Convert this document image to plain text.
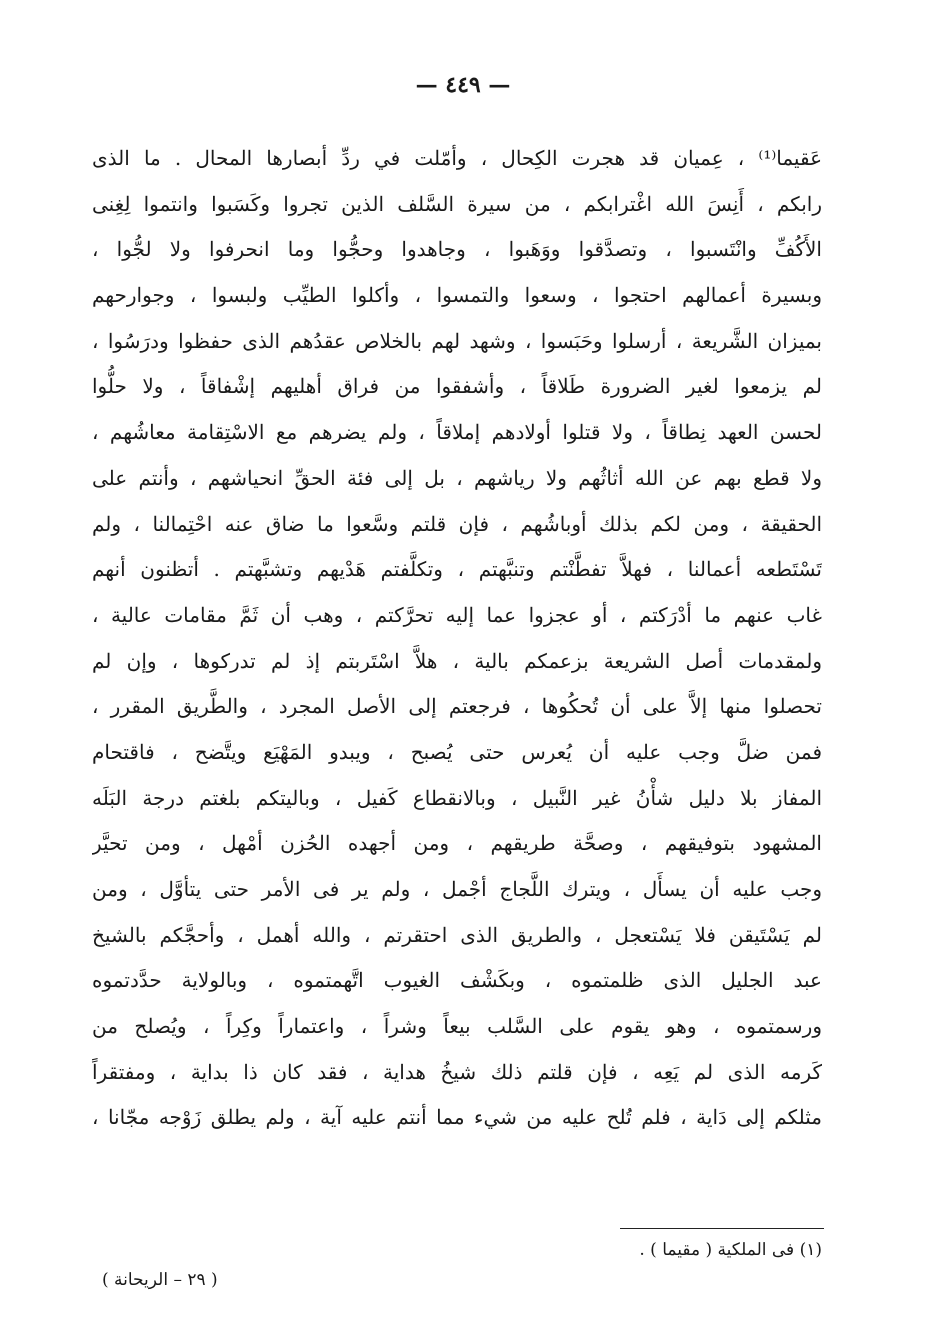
— ٤٤٩ —
عَقيما⁽¹⁾ ، عِميان قد هجرت الكِحال ، وأمّلت في ردِّ أبصارها المحال . ما الذى
رابكم ، أَنِسَ الله اغْترابكم ، من سيرة السَّلف الذين تجروا وكَسَبوا وانتموا لِغِنى
الأَكُفِّ وانْتَسبوا ، وتصدَّقوا ووَهَبوا ، وجاهدوا وحجُّوا وما انحرفوا ولا لجُّوا ،
وبسيرة أعمالهم احتجوا ، وسعوا والتمسوا ، وأكلوا الطيِّب ولبسوا ، وجوارحهم
بميزان الشَّريعة ، أرسلوا وحَبَسوا ، وشهد لهم بالخلاص عقدُهم الذى حفظوا ودرَسُوا ،
لم يزمعوا لغير الضرورة طَلاقاً ، وأشفقوا من فراق أهليهم إشْفاقاً ، ولا حلُّوا
لحسن العهد نِطاقاً ، ولا قتلوا أولادهم إملاقاً ، ولم يضرهم مع الاسْتِقامة معاشُهم ،
ولا قطع بهم عن الله أثاثُهم ولا رياشهم ، بل إلى فئة الحقِّ انحياشهم ، وأنتم على
الحقيقة ، ومن لكم بذلك أوباشُهم ، فإن قلتم وسَّعوا ما ضاق عنه احْتِمالنا ، ولم
تَسْتَطعه أعمالنا ، فهلاَّ تفطَّنْتم وتنبَّهتم ، وتكلَّفتم هَدْيهم وتشبَّهتم . أتظنون أنهم
غاب عنهم ما أدْرَكتم ، أو عجزوا عما إليه تحرَّكتم ، وهب أن ثَمَّ مقامات عالية ،
ولمقدمات أصل الشريعة بزعمكم بالية ، هلاَّ اسْتَربتم إذ لم تدركوها ، وإن لم
تحصلوا منها إلاَّ على أن تُحكُوها ، فرجعتم إلى الأصل المجرد ، والطَّريق المقرر ،
فمن ضلَّ وجب عليه أن يُعرس حتى يُصبح ، ويبدو المَهْيَع ويتَّضح ، فاقتحام
المفاز بلا دليل شأْنُ غير النَّبيل ، وبالانقطاع كَفيل ، وباليتكم بلغتم درجة البَلَه
المشهود بتوفيقهم ، وصحَّة طريقهم ، ومن أجهده الحُزن أمْهل ، ومن تحيَّر
وجب عليه أن يسأَل ، ويترك اللَّجاج أجْمل ، ولم ير فى الأمر حتى يتأوَّل ، ومن
لم يَسْتَيقن فلا يَسْتعجل ، والطريق الذى احتقرتم ، والله أهمل ، وأحجَّكم بالشيخ
عبد الجليل الذى ظلمتموه ، وبكَشْف الغيوب اتَّهمتموه ، وبالولاية حدَّدتموه
ورسمتموه ، وهو يقوم على السَّلب بيعاً وشراً ، واعتماراً وكِراً ، ويُصلح من
كَرمه الذى لم يَعِه ، فإن قلتم ذلك شيخُ هداية ، فقد كان ذا بداية ، ومفتقراً
مثلكم إلى دَاية ، فلم تُلح عليه من شيء مما أنتم عليه آية ، ولم يطلق زَوْجه مجّانا ،
(١) فى الملكية ( مقيما ) .
( ٢٩ – الريحانة )
